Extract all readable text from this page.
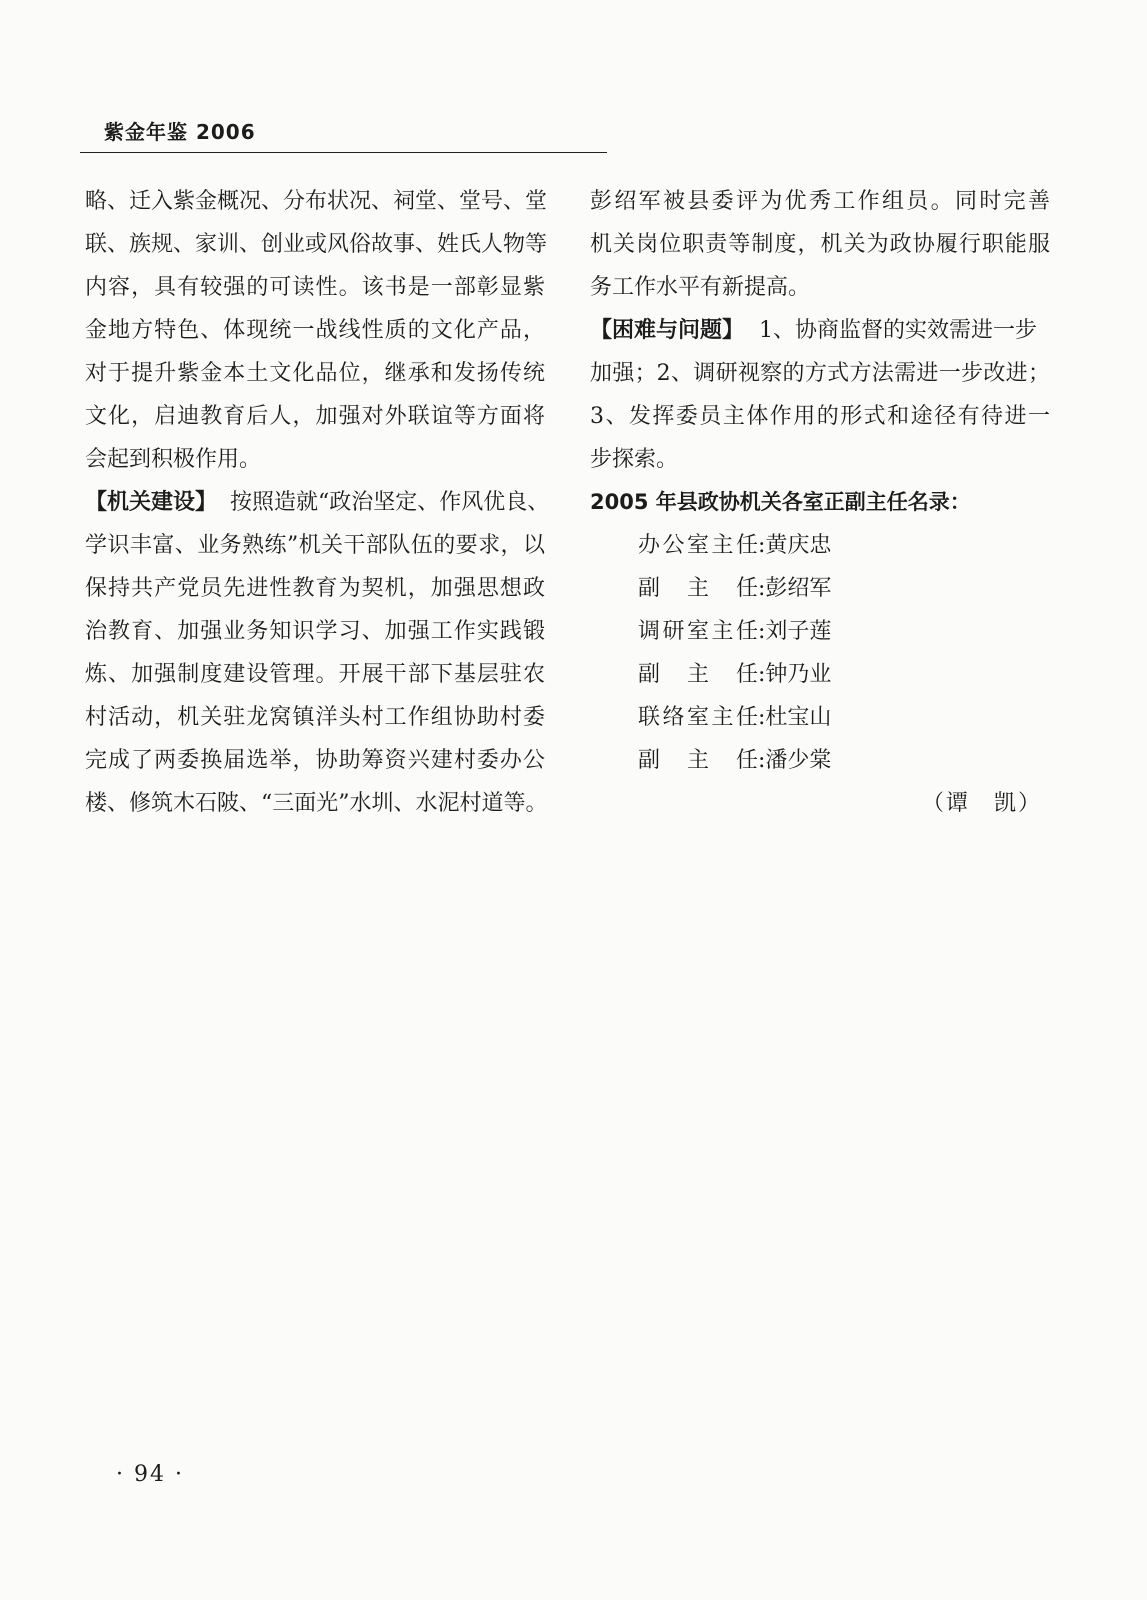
紫金年鉴 2006
略、迁入紫金概况、分布状况、祠堂、堂号、堂
联、族规、家训、创业或风俗故事、姓氏人物等
内容，具有较强的可读性。该书是一部彰显紫
金地方特色、体现统一战线性质的文化产品，
对于提升紫金本土文化品位，继承和发扬传统
文化，启迪教育后人，加强对外联谊等方面将
会起到积极作用。
【机关建设】 按照造就“政治坚定、作风优良、
学识丰富、业务熟练”机关干部队伍的要求，以
保持共产党员先进性教育为契机，加强思想政
治教育、加强业务知识学习、加强工作实践锻
炼、加强制度建设管理。开展干部下基层驻农
村活动，机关驻龙窝镇洋头村工作组协助村委
完成了两委换届选举，协助筹资兴建村委办公
楼、修筑木石陂、“三面光”水圳、水泥村道等。
彭绍军被县委评为优秀工作组员。同时完善
机关岗位职责等制度，机关为政协履行职能服
务工作水平有新提高。
【困难与问题】 1、协商监督的实效需进一步
加强；2、调研视察的方式方法需进一步改进；
3、发挥委员主体作用的形式和途径有待进一
步探索。
2005 年县政协机关各室正副主任名录：
办公室主任:黄庆忠
副主任:彭绍军
调研室主任:刘子莲
副主任:钟乃业
联络室主任:杜宝山
副主任:潘少棠
（谭　凯）
· 94 ·
